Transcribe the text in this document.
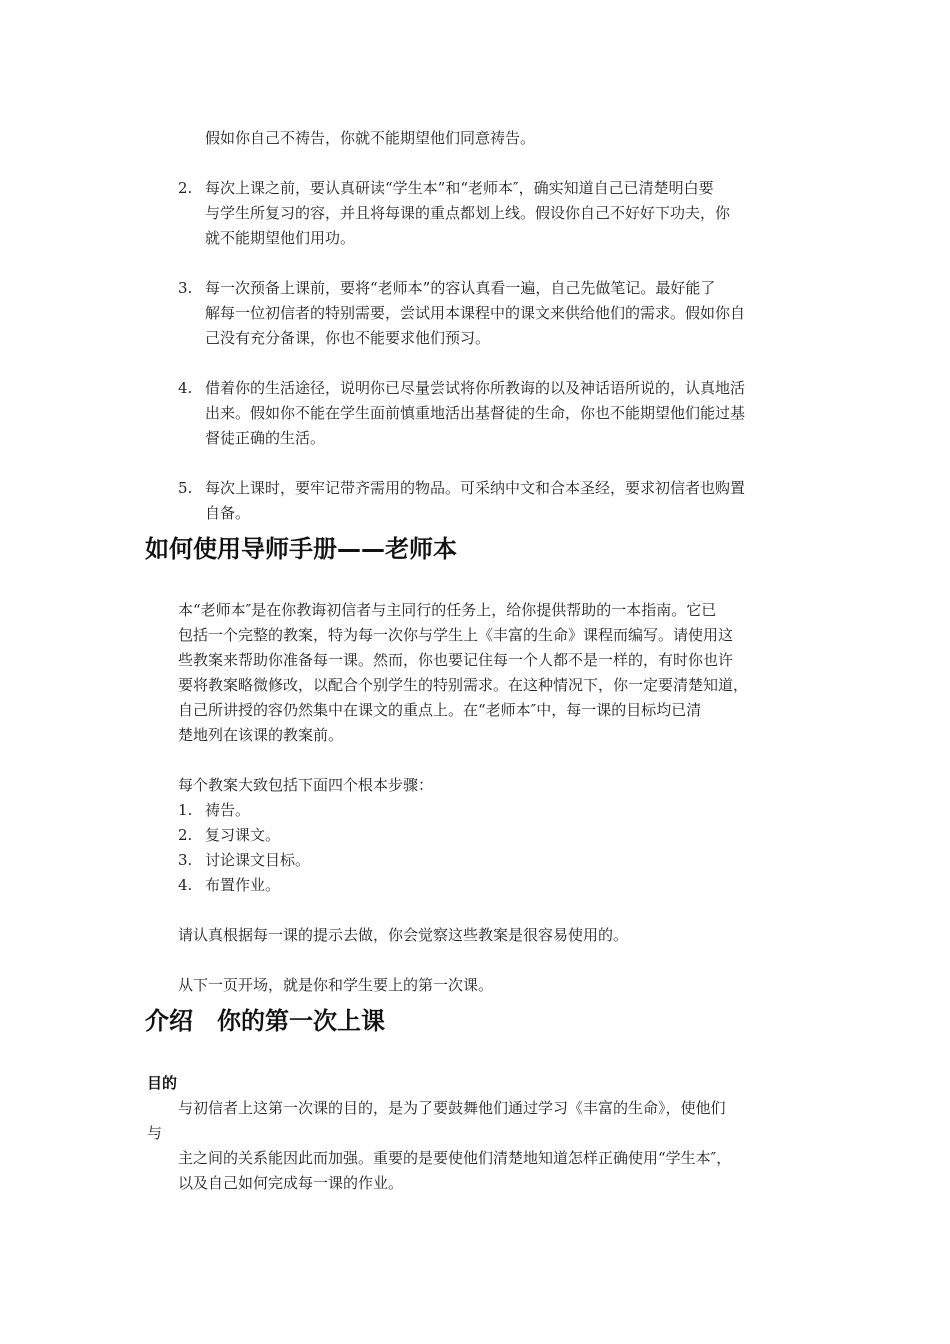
假如你自己不祷告，你就不能期望他们同意祷告。
2. 每次上课之前，要认真研读“学生本”和“老师本″，确实知道自己已清楚明白要
与学生所复习的容，并且将每课的重点都划上线。假设你自己不好好下功夫，你
就不能期望他们用功。
3. 每一次预备上课前，要将“老师本”的容认真看一遍，自己先做笔记。最好能了
解每一位初信者的特别需要，尝试用本课程中的课文来供给他们的需求。假如你自
己没有充分备课，你也不能要求他们预习。
4. 借着你的生活途径，说明你已尽量尝试将你所教诲的以及神话语所说的，认真地活
出来。假如你不能在学生面前慎重地活出基督徒的生命，你也不能期望他们能过基
督徒正确的生活。
5. 每次上课时，要牢记带齐需用的物品。可采纳中文和合本圣经，要求初信者也购置
自备。
如何使用导师手册——老师本
本“老师本″是在你教诲初信者与主同行的任务上，给你提供帮助的一本指南。它已
包括一个完整的教案，特为每一次你与学生上《丰富的生命》课程而编写。请使用这
些教案来帮助你准备每一课。然而，你也要记住每一个人都不是一样的，有时你也许
要将教案略微修改，以配合个别学生的特别需求。在这种情况下，你一定要清楚知道，
自己所讲授的容仍然集中在课文的重点上。在“老师本″中，每一课的目标均已清
楚地列在该课的教案前。
每个教案大致包括下面四个根本步骤：
1. 祷告。
2. 复习课文。
3. 讨论课文目标。
4. 布置作业。
请认真根据每一课的提示去做，你会觉察这些教案是很容易使用的。
从下一页开场，就是你和学生要上的第一次课。
介绍　你的第一次上课
目的
与初信者上这第一次课的目的，是为了要鼓舞他们通过学习《丰富的生命》，使他们
与
主之间的关系能因此而加强。重要的是要使他们清楚地知道怎样正确使用“学生本″，
以及自己如何完成每一课的作业。
